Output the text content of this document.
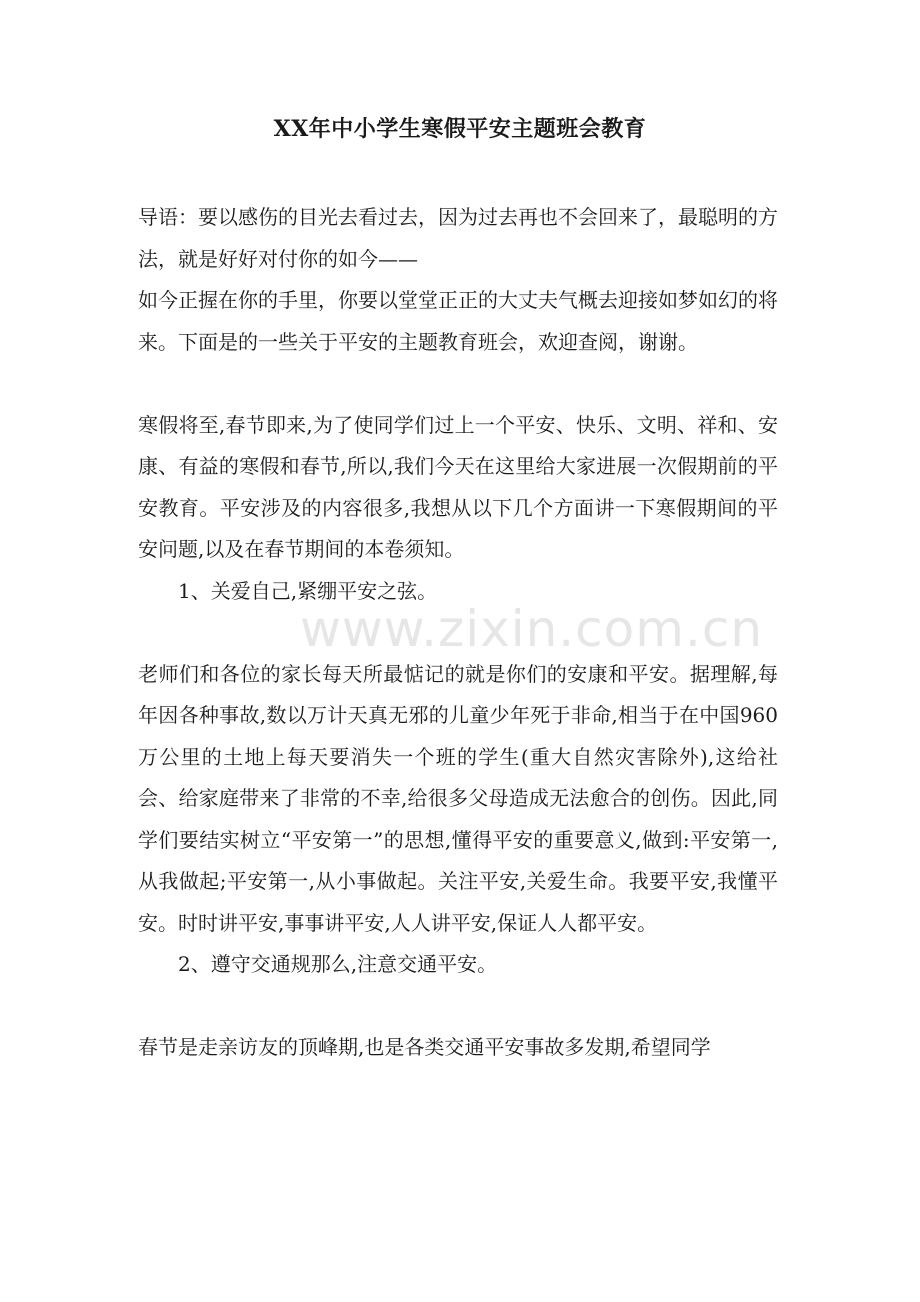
XX年中小学生寒假平安主题班会教育

导语：要以感伤的目光去看过去，因为过去再也不会回来了，最聪明的方法，就是好好对付你的如今——

如今正握在你的手里，你要以堂堂正正的大丈夫气概去迎接如梦如幻的将来。下面是的一些关于平安的主题教育班会，欢迎查阅，谢谢。

寒假将至,春节即来,为了使同学们过上一个平安、快乐、文明、祥和、安康、有益的寒假和春节,所以,我们今天在这里给大家进展一次假期前的平安教育。平安涉及的内容很多,我想从以下几个方面讲一下寒假期间的平安问题,以及在春节期间的本卷须知。

1、关爱自己,紧绷平安之弦。

老师们和各位的家长每天所最惦记的就是你们的安康和平安。据理解,每年因各种事故,数以万计天真无邪的儿童少年死于非命,相当于在中国960万公里的土地上每天要消失一个班的学生(重大自然灾害除外),这给社会、给家庭带来了非常的不幸,给很多父母造成无法愈合的创伤。因此,同学们要结实树立“平安第一”的思想,懂得平安的重要意义,做到:平安第一,从我做起;平安第一,从小事做起。关注平安,关爱生命。我要平安,我懂平安。时时讲平安,事事讲平安,人人讲平安,保证人人都平安。

2、遵守交通规那么,注意交通平安。

春节是走亲访友的顶峰期,也是各类交通平安事故多发期,希望同学

www.zixin.com.cn
